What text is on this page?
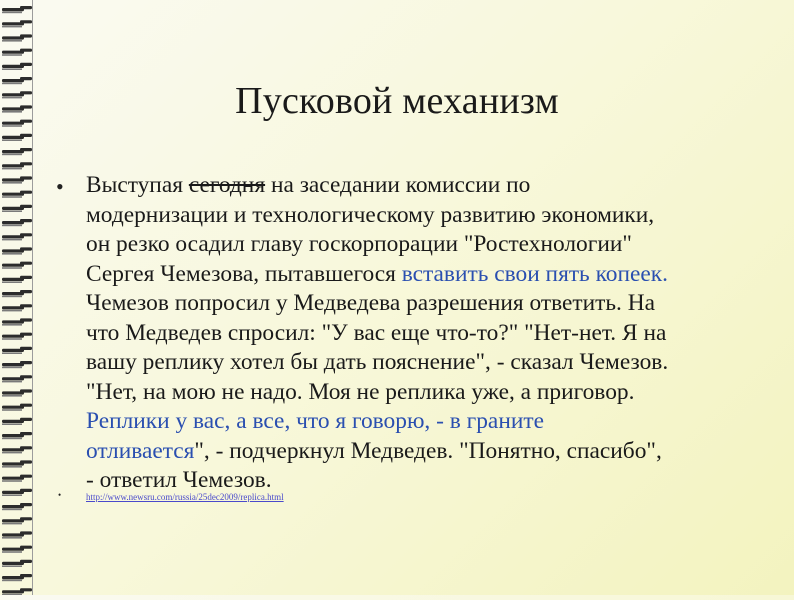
Пусковой механизм
• Выступая сегодня на заседании комиссии по
модернизации и технологическому развитию экономики,
он резко осадил главу госкорпорации "Ростехнологии"
Сергея Чемезова, пытавшегося вставить свои пять копеек.
Чемезов попросил у Медведева разрешения ответить. На
что Медведев спросил: "У вас еще что-то?" "Нет-нет. Я на
вашу реплику хотел бы дать пояснение", - сказал Чемезов.
"Нет, на мою не надо. Моя не реплика уже, а приговор.
Реплики у вас, а все, что я говорю, - в граните
отливается", - подчеркнул Медведев. "Понятно, спасибо",
- ответил Чемезов.
•	http://www.newsru.com/russia/25dec2009/replica.html
